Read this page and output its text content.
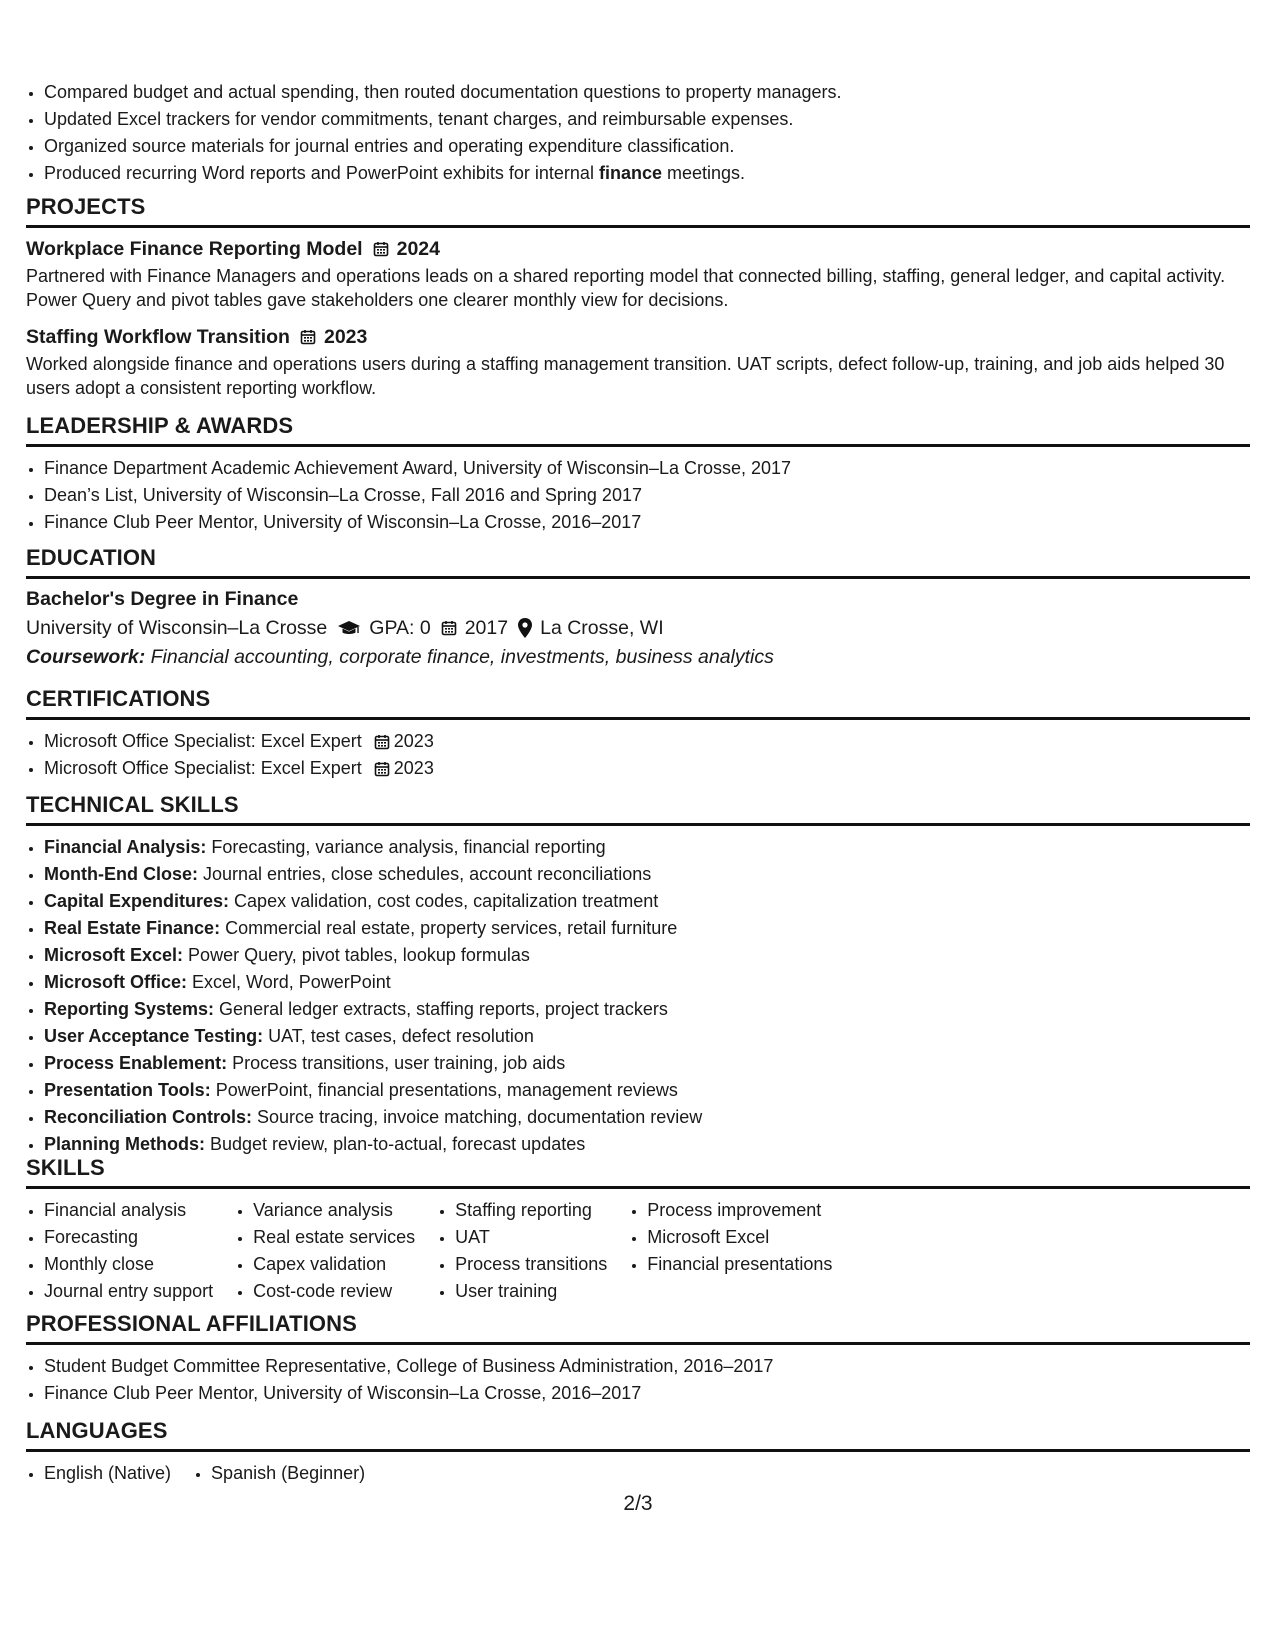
• Compared budget and actual spending, then routed documentation questions to property managers.
• Updated Excel trackers for vendor commitments, tenant charges, and reimbursable expenses.
• Organized source materials for journal entries and operating expenditure classification.
• Produced recurring Word reports and PowerPoint exhibits for internal finance meetings.
PROJECTS
Workplace Finance Reporting Model 2024

Partnered with Finance Managers and operations leads on a shared reporting model that connected billing, staffing, general ledger, and capital activity. Power Query and pivot tables gave stakeholders one clearer monthly view for decisions.

Staffing Workflow Transition 2023

Worked alongside finance and operations users during a staffing management transition. UAT scripts, defect follow-up, training, and job aids helped 30 users adopt a consistent reporting workflow.

LEADERSHIP & AWARDS
• Finance Department Academic Achievement Award, University of Wisconsin–La Crosse, 2017
• Dean’s List, University of Wisconsin–La Crosse, Fall 2016 and Spring 2017
• Finance Club Peer Mentor, University of Wisconsin–La Crosse, 2016–2017
EDUCATION
Bachelor's Degree in Finance
University of Wisconsin–La Crosse GPA: 0 2017 La Crosse, WI
Coursework: Financial accounting, corporate finance, investments, business analytics
CERTIFICATIONS
• Microsoft Office Specialist: Excel Expert 2023
• Microsoft Office Specialist: Excel Expert 2023
TECHNICAL SKILLS
• Financial Analysis: Forecasting, variance analysis, financial reporting
• Month-End Close: Journal entries, close schedules, account reconciliations
• Capital Expenditures: Capex validation, cost codes, capitalization treatment
• Real Estate Finance: Commercial real estate, property services, retail furniture
• Microsoft Excel: Power Query, pivot tables, lookup formulas
• Microsoft Office: Excel, Word, PowerPoint
• Reporting Systems: General ledger extracts, staffing reports, project trackers
• User Acceptance Testing: UAT, test cases, defect resolution
• Process Enablement: Process transitions, user training, job aids
• Presentation Tools: PowerPoint, financial presentations, management reviews
• Reconciliation Controls: Source tracing, invoice matching, documentation review
• Planning Methods: Budget review, plan-to-actual, forecast updates
SKILLS
• Financial analysis
• Forecasting
• Monthly close
• Journal entry support
• Variance analysis
• Real estate services
• Capex validation
• Cost-code review
• Staffing reporting
• UAT
• Process transitions
• User training
• Process improvement
• Microsoft Excel
• Financial presentations
PROFESSIONAL AFFILIATIONS
• Student Budget Committee Representative, College of Business Administration, 2016–2017
• Finance Club Peer Mentor, University of Wisconsin–La Crosse, 2016–2017
LANGUAGES
• English (Native)
• Spanish (Beginner)
2/3
